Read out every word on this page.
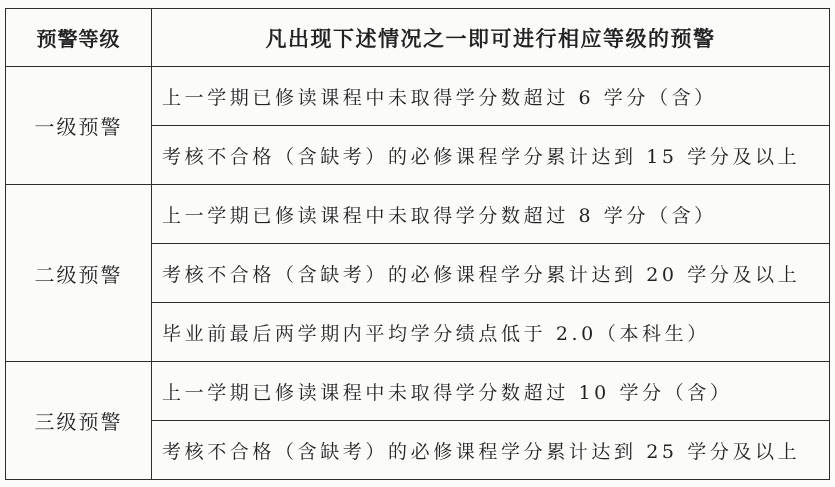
预警等级	凡出现下述情况之一即可进行相应等级的预警
一级预警	上一学期已修读课程中未取得学分数超过 6 学分（含）
	考核不合格（含缺考）的必修课程学分累计达到 15 学分及以上
二级预警	上一学期已修读课程中未取得学分数超过 8 学分（含）
	考核不合格（含缺考）的必修课程学分累计达到 20 学分及以上
	毕业前最后两学期内平均学分绩点低于 2.0（本科生）
三级预警	上一学期已修读课程中未取得学分数超过 10 学分（含）
	考核不合格（含缺考）的必修课程学分累计达到 25 学分及以上
